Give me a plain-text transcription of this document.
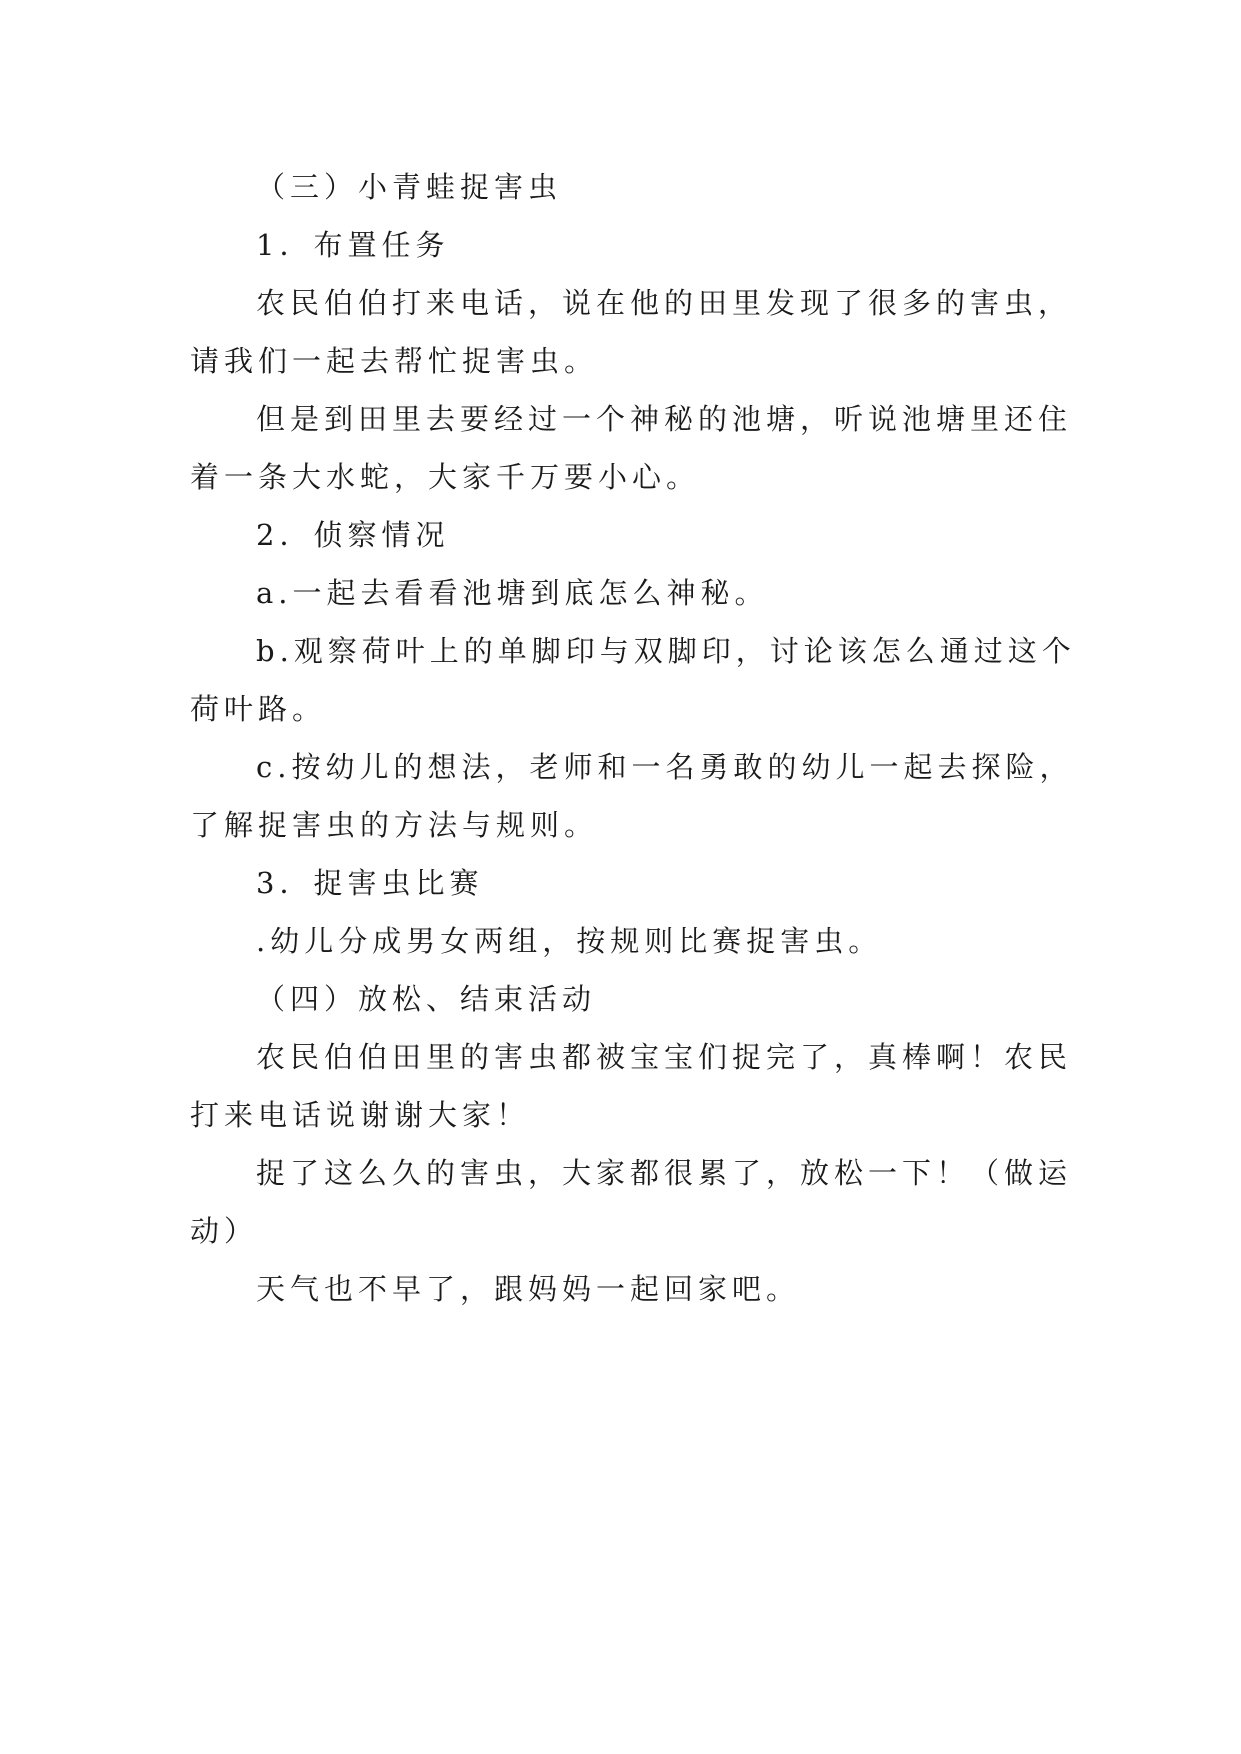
（三）小青蛙捉害虫
1．布置任务
农民伯伯打来电话，说在他的田里发现了很多的害虫，
请我们一起去帮忙捉害虫。
但是到田里去要经过一个神秘的池塘，听说池塘里还住
着一条大水蛇，大家千万要小心。
2．侦察情况
a.一起去看看池塘到底怎么神秘。
b.观察荷叶上的单脚印与双脚印，讨论该怎么通过这个
荷叶路。
c.按幼儿的想法，老师和一名勇敢的幼儿一起去探险，
了解捉害虫的方法与规则。
3．捉害虫比赛
.幼儿分成男女两组，按规则比赛捉害虫。
（四）放松、结束活动
农民伯伯田里的害虫都被宝宝们捉完了，真棒啊！农民
打来电话说谢谢大家！
捉了这么久的害虫，大家都很累了，放松一下！（做运
动）
天气也不早了，跟妈妈一起回家吧。
